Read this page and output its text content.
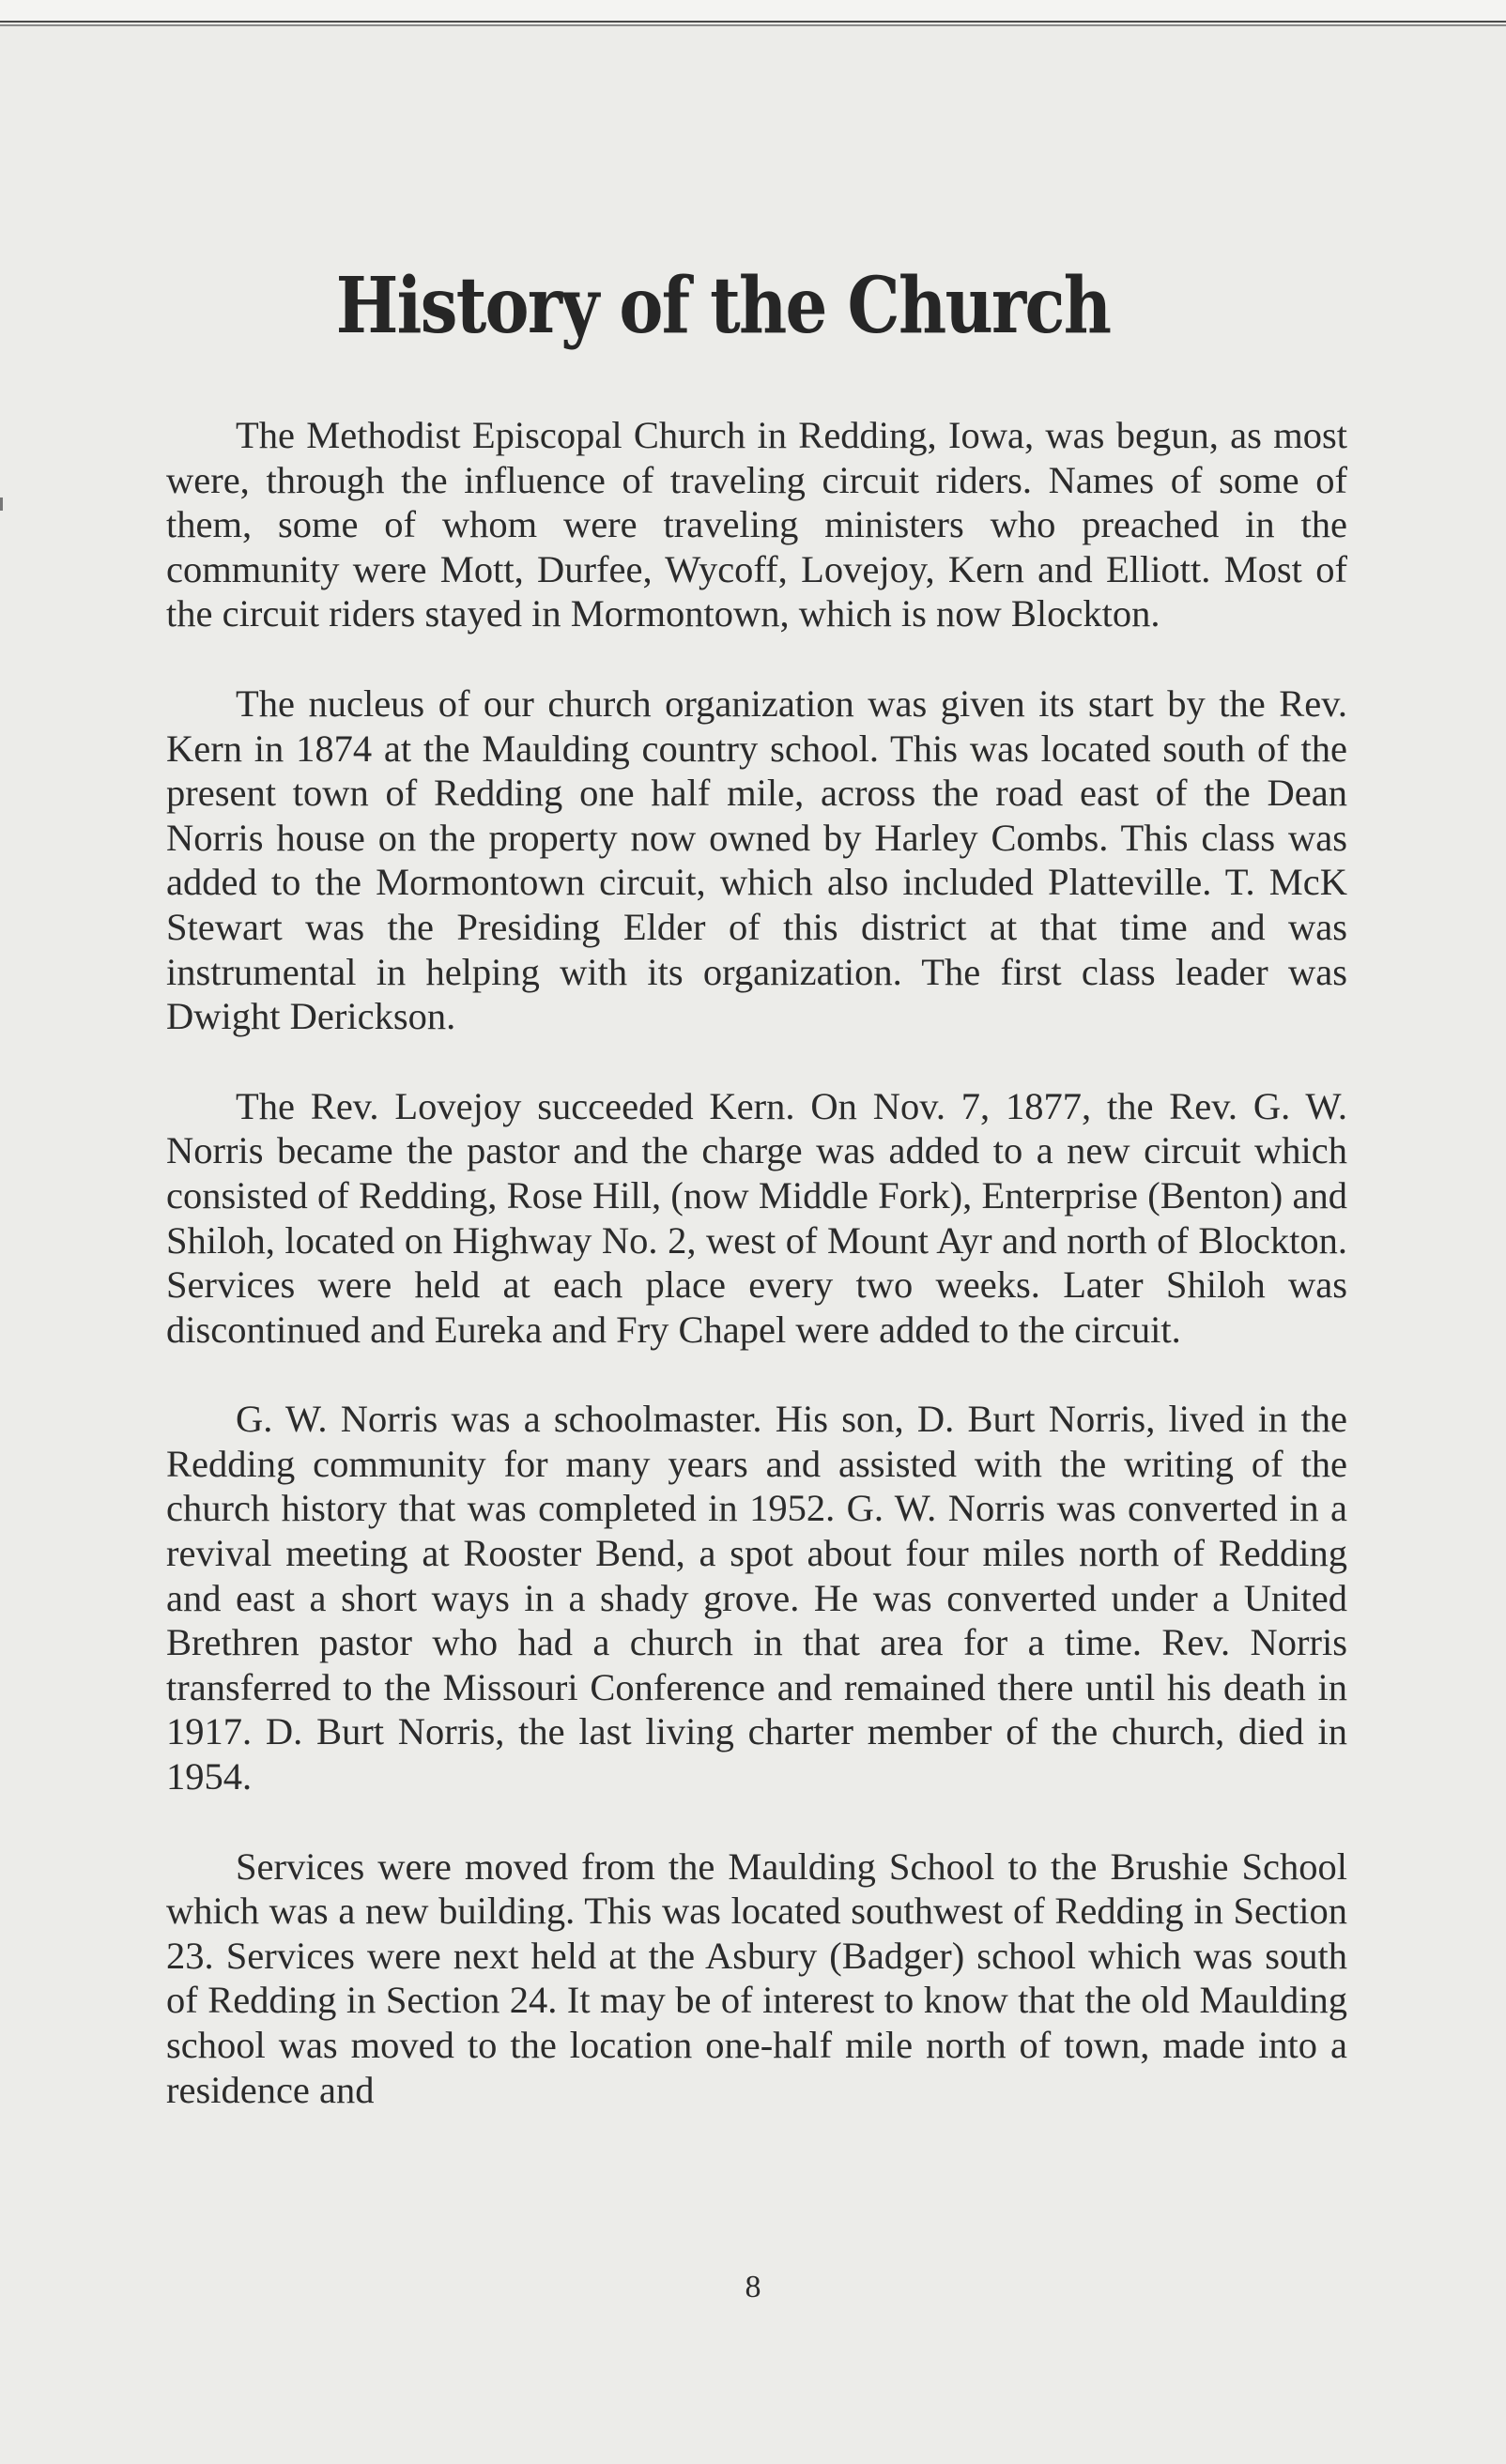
History of the Church

The Methodist Episcopal Church in Redding, Iowa, was begun, as most were, through the influence of traveling circuit riders. Names of some of them, some of whom were traveling ministers who preached in the community were Mott, Durfee, Wycoff, Lovejoy, Kern and Elliott. Most of the circuit riders stayed in Mormontown, which is now Blockton.

The nucleus of our church organization was given its start by the Rev. Kern in 1874 at the Maulding country school. This was located south of the present town of Redding one half mile, across the road east of the Dean Norris house on the property now owned by Harley Combs. This class was added to the Mormontown circuit, which also included Platteville. T. McK Stewart was the Presiding Elder of this district at that time and was instrumental in helping with its organization. The first class leader was Dwight Derickson.

The Rev. Lovejoy succeeded Kern. On Nov. 7, 1877, the Rev. G. W. Norris became the pastor and the charge was added to a new circuit which consisted of Redding, Rose Hill, (now Middle Fork), Enterprise (Benton) and Shiloh, located on Highway No. 2, west of Mount Ayr and north of Blockton. Services were held at each place every two weeks. Later Shiloh was discontinued and Eureka and Fry Chapel were added to the circuit.

G. W. Norris was a schoolmaster. His son, D. Burt Norris, lived in the Redding community for many years and assisted with the writing of the church history that was completed in 1952. G. W. Norris was converted in a revival meeting at Rooster Bend, a spot about four miles north of Redding and east a short ways in a shady grove. He was converted under a United Brethren pastor who had a church in that area for a time. Rev. Norris transferred to the Missouri Conference and remained there until his death in 1917. D. Burt Norris, the last living charter member of the church, died in 1954.

Services were moved from the Maulding School to the Brushie School which was a new building. This was located southwest of Redding in Section 23. Services were next held at the Asbury (Badger) school which was south of Redding in Section 24. It may be of interest to know that the old Maulding school was moved to the location one-half mile north of town, made into a residence and

8
